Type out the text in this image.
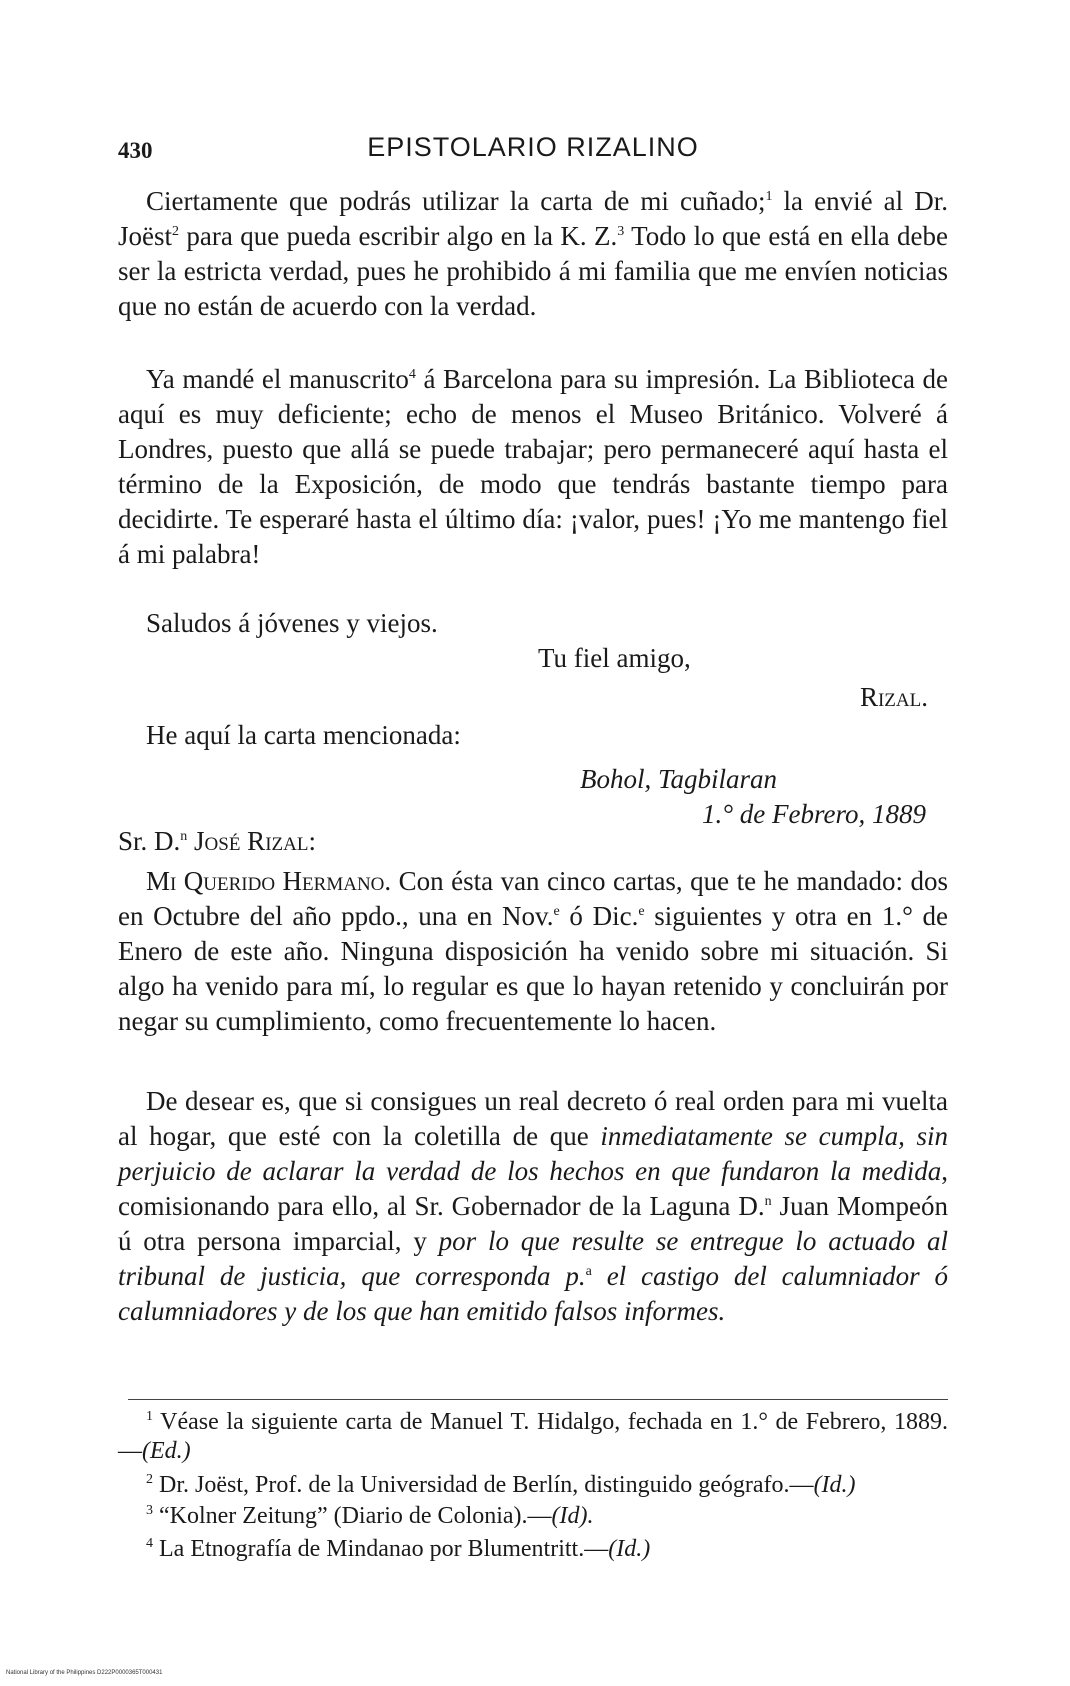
430	EPISTOLARIO RIZALINO
Ciertamente que podrás utilizar la carta de mi cuñado;$^1$ la envié al Dr. Joëst$^2$ para que pueda escribir algo en la K. Z.$^3$ Todo lo que está en ella debe ser la estricta verdad, pues he prohibido á mi familia que me envíen noticias que no están de acuerdo con la verdad.
Ya mandé el manuscrito$^4$ á Barcelona para su impresión. La Biblioteca de aquí es muy deficiente; echo de menos el Museo Británico. Volveré á Londres, puesto que allá se puede trabajar; pero permaneceré aquí hasta el término de la Exposición, de modo que tendrás bastante tiempo para decidirte. Te esperaré hasta el último día: ¡valor, pues! ¡Yo me mantengo fiel á mi palabra!
Saludos á jóvenes y viejos.
Tu fiel amigo,
Rizal.
He aquí la carta mencionada:
Bohol, Tagbilaran
1.° de Febrero, 1889
Sr. D.$^n$ José Rizal:
Mi Querido Hermano. Con ésta van cinco cartas, que te he mandado: dos en Octubre del año ppdo., una en Nov.$^e$ ó Dic.$^e$ siguientes y otra en 1.° de Enero de este año. Ninguna disposición ha venido sobre mi situación. Si algo ha venido para mí, lo regular es que lo hayan retenido y concluirán por negar su cumplimiento, como frecuentemente lo hacen.
De desear es, que si consigues un real decreto ó real orden para mi vuelta al hogar, que esté con la coletilla de que inmediatamente se cumpla, sin perjuicio de aclarar la verdad de los hechos en que fundaron la medida, comisionando para ello, al Sr. Gobernador de la Laguna D.$^n$ Juan Mompeón ú otra persona imparcial, y por lo que resulte se entregue lo actuado al tribunal de justicia, que corresponda p.$^a$ el castigo del calumniador ó calumniadores y de los que han emitido falsos informes.
$^1$ Véase la siguiente carta de Manuel T. Hidalgo, fechada en 1.° de Febrero, 1889.—(Ed.)
$^2$ Dr. Joëst, Prof. de la Universidad de Berlín, distinguido geógrafo.—(Id.)
$^3$ “Kolner Zeitung” (Diario de Colonia).—(Id).
$^4$ La Etnografía de Mindanao por Blumentritt.—(Id.)
National Library of the Philippines D222P0000365T000431
